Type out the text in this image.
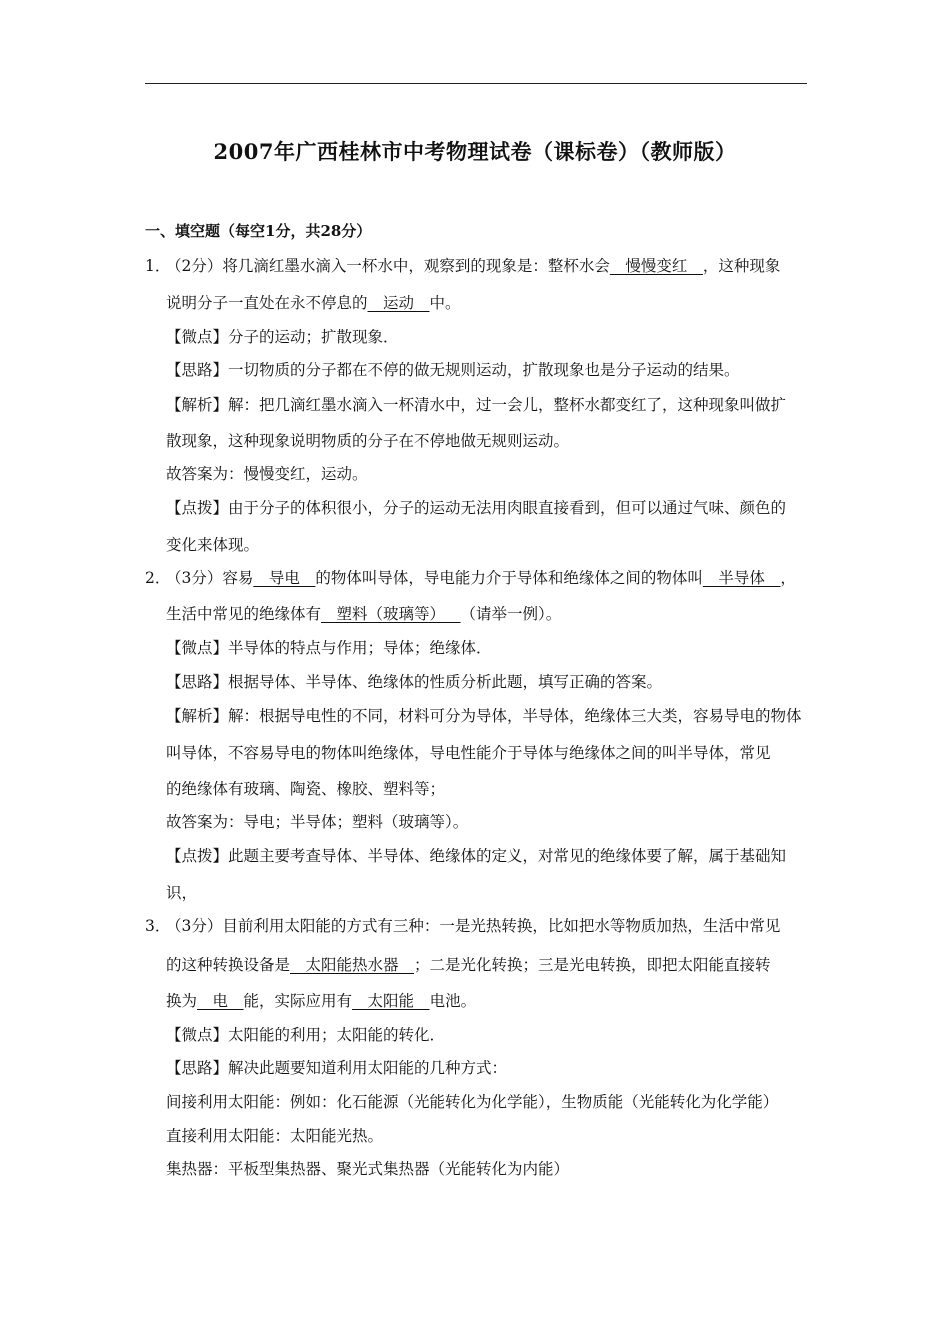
2007年广西桂林市中考物理试卷（课标卷）（教师版）
一、填空题（每空1分，共28分）
1．
（2分）将几滴红墨水滴入一杯水中，观察到的现象是：整杯水会__慢慢变红__，这种现象
说明分子一直处在永不停息的__运动__中。
【微点】分子的运动；扩散现象．
【思路】一切物质的分子都在不停的做无规则运动，扩散现象也是分子运动的结果。
【解析】解：把几滴红墨水滴入一杯清水中，过一会儿，整杯水都变红了，这种现象叫做扩
散现象，这种现象说明物质的分子在不停地做无规则运动。
故答案为：慢慢变红，运动。
【点拨】由于分子的体积很小，分子的运动无法用肉眼直接看到，但可以通过气味、颜色的
变化来体现。
2．
（3分）容易__导电__的物体叫导体，导电能力介于导体和绝缘体之间的物体叫__半导体__，
生活中常见的绝缘体有__塑料（玻璃等）__（请举一例）。
【微点】半导体的特点与作用；导体；绝缘体．
【思路】根据导体、半导体、绝缘体的性质分析此题，填写正确的答案。
【解析】解：根据导电性的不同，材料可分为导体，半导体，绝缘体三大类，容易导电的物体
叫导体，不容易导电的物体叫绝缘体，导电性能介于导体与绝缘体之间的叫半导体，常见
的绝缘体有玻璃、陶瓷、橡胶、塑料等；
故答案为：导电；半导体；塑料（玻璃等）。
【点拨】此题主要考查导体、半导体、绝缘体的定义，对常见的绝缘体要了解，属于基础知
识，
3．
（3分）目前利用太阳能的方式有三种：一是光热转换，比如把水等物质加热，生活中常见
的这种转换设备是__太阳能热水器__；二是光化转换；三是光电转换，即把太阳能直接转
换为__电__能，实际应用有__太阳能__电池。
【微点】太阳能的利用；太阳能的转化．
【思路】解决此题要知道利用太阳能的几种方式：
间接利用太阳能：例如：化石能源（光能转化为化学能），生物质能（光能转化为化学能）
直接利用太阳能：太阳能光热。
集热器：平板型集热器、聚光式集热器（光能转化为内能）
